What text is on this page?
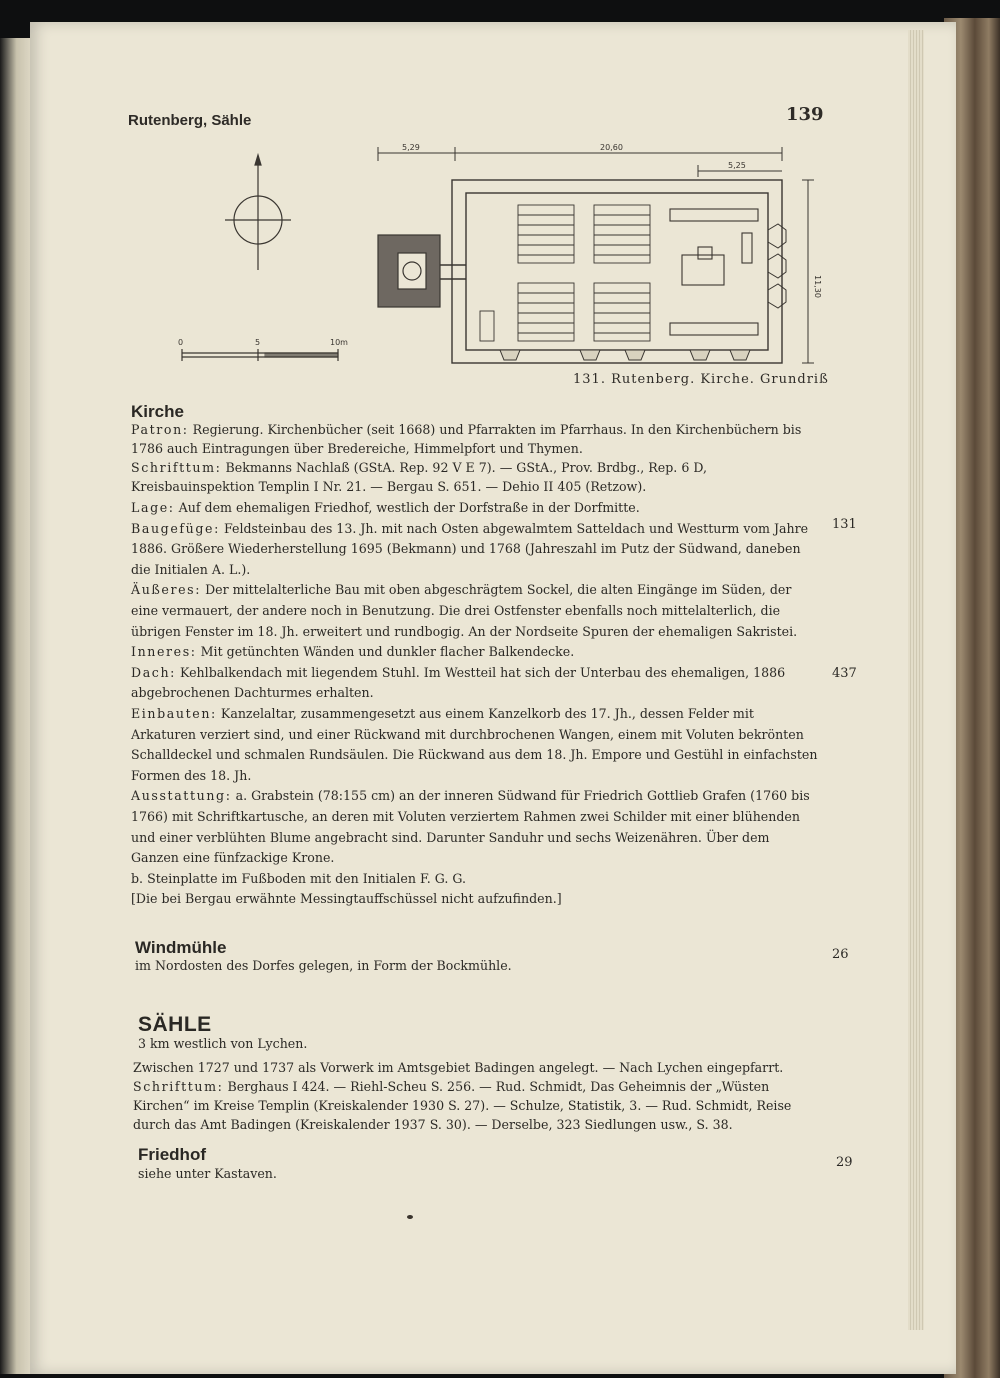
Rutenberg, Sähle	139
0	5	10m
5,29	20,60
5,25
11,30
131. Rutenberg. Kirche. Grundriß
Kirche

Patron: Regierung. Kirchenbücher (seit 1668) und Pfarrakten im Pfarrhaus. In den Kirchenbüchern bis 1786 auch Eintragungen über Bredereiche, Himmelpfort und Thymen.

Schrifttum: Bekmanns Nachlaß (GStA. Rep. 92 V E 7). — GStA., Prov. Brdbg., Rep. 6 D, Kreisbauinspektion Templin I Nr. 21. — Bergau S. 651. — Dehio II 405 (Retzow).

Lage: Auf dem ehemaligen Friedhof, westlich der Dorfstraße in der Dorfmitte.

Baugefüge: Feldsteinbau des 13. Jh. mit nach Osten abgewalmtem Satteldach und Westturm vom Jahre 1886. Größere Wiederherstellung 1695 (Bekmann) und 1768 (Jahreszahl im Putz der Südwand, daneben die Initialen A. L.).

Äußeres: Der mittelalterliche Bau mit oben abgeschrägtem Sockel, die alten Eingänge im Süden, der eine vermauert, der andere noch in Benutzung. Die drei Ostfenster ebenfalls noch mittelalterlich, die übrigen Fenster im 18. Jh. erweitert und rundbogig. An der Nordseite Spuren der ehemaligen Sakristei.

Inneres: Mit getünchten Wänden und dunkler flacher Balkendecke.

Dach: Kehlbalkendach mit liegendem Stuhl. Im Westteil hat sich der Unterbau des ehemaligen, 1886 abgebrochenen Dachturmes erhalten.

Einbauten: Kanzelaltar, zusammengesetzt aus einem Kanzelkorb des 17. Jh., dessen Felder mit Arkaturen verziert sind, und einer Rückwand mit durchbrochenen Wangen, einem mit Voluten bekrönten Schalldeckel und schmalen Rundsäulen. Die Rückwand aus dem 18. Jh. Empore und Gestühl in einfachsten Formen des 18. Jh.

Ausstattung: a. Grabstein (78:155 cm) an der inneren Südwand für Friedrich Gottlieb Grafen (1760 bis 1766) mit Schriftkartusche, an deren mit Voluten verziertem Rahmen zwei Schilder mit einer blühenden und einer verblühten Blume angebracht sind. Darunter Sanduhr und sechs Weizenähren. Über dem Ganzen eine fünfzackige Krone.

b. Steinplatte im Fußboden mit den Initialen F. G. G.

[Die bei Bergau erwähnte Messingtauffschüssel nicht aufzufinden.]

131
437
Windmühle
im Nordosten des Dorfes gelegen, in Form der Bockmühle.
26
SÄHLE
3 km westlich von Lychen.

Zwischen 1727 und 1737 als Vorwerk im Amtsgebiet Badingen angelegt. — Nach Lychen eingepfarrt.

Schrifttum: Berghaus I 424. — Riehl-Scheu S. 256. — Rud. Schmidt, Das Geheimnis der „Wüsten Kirchen“ im Kreise Templin (Kreiskalender 1930 S. 27). — Schulze, Statistik, 3. — Rud. Schmidt, Reise durch das Amt Badingen (Kreiskalender 1937 S. 30). — Derselbe, 323 Siedlungen usw., S. 38.

Friedhof
siehe unter Kastaven.
29
